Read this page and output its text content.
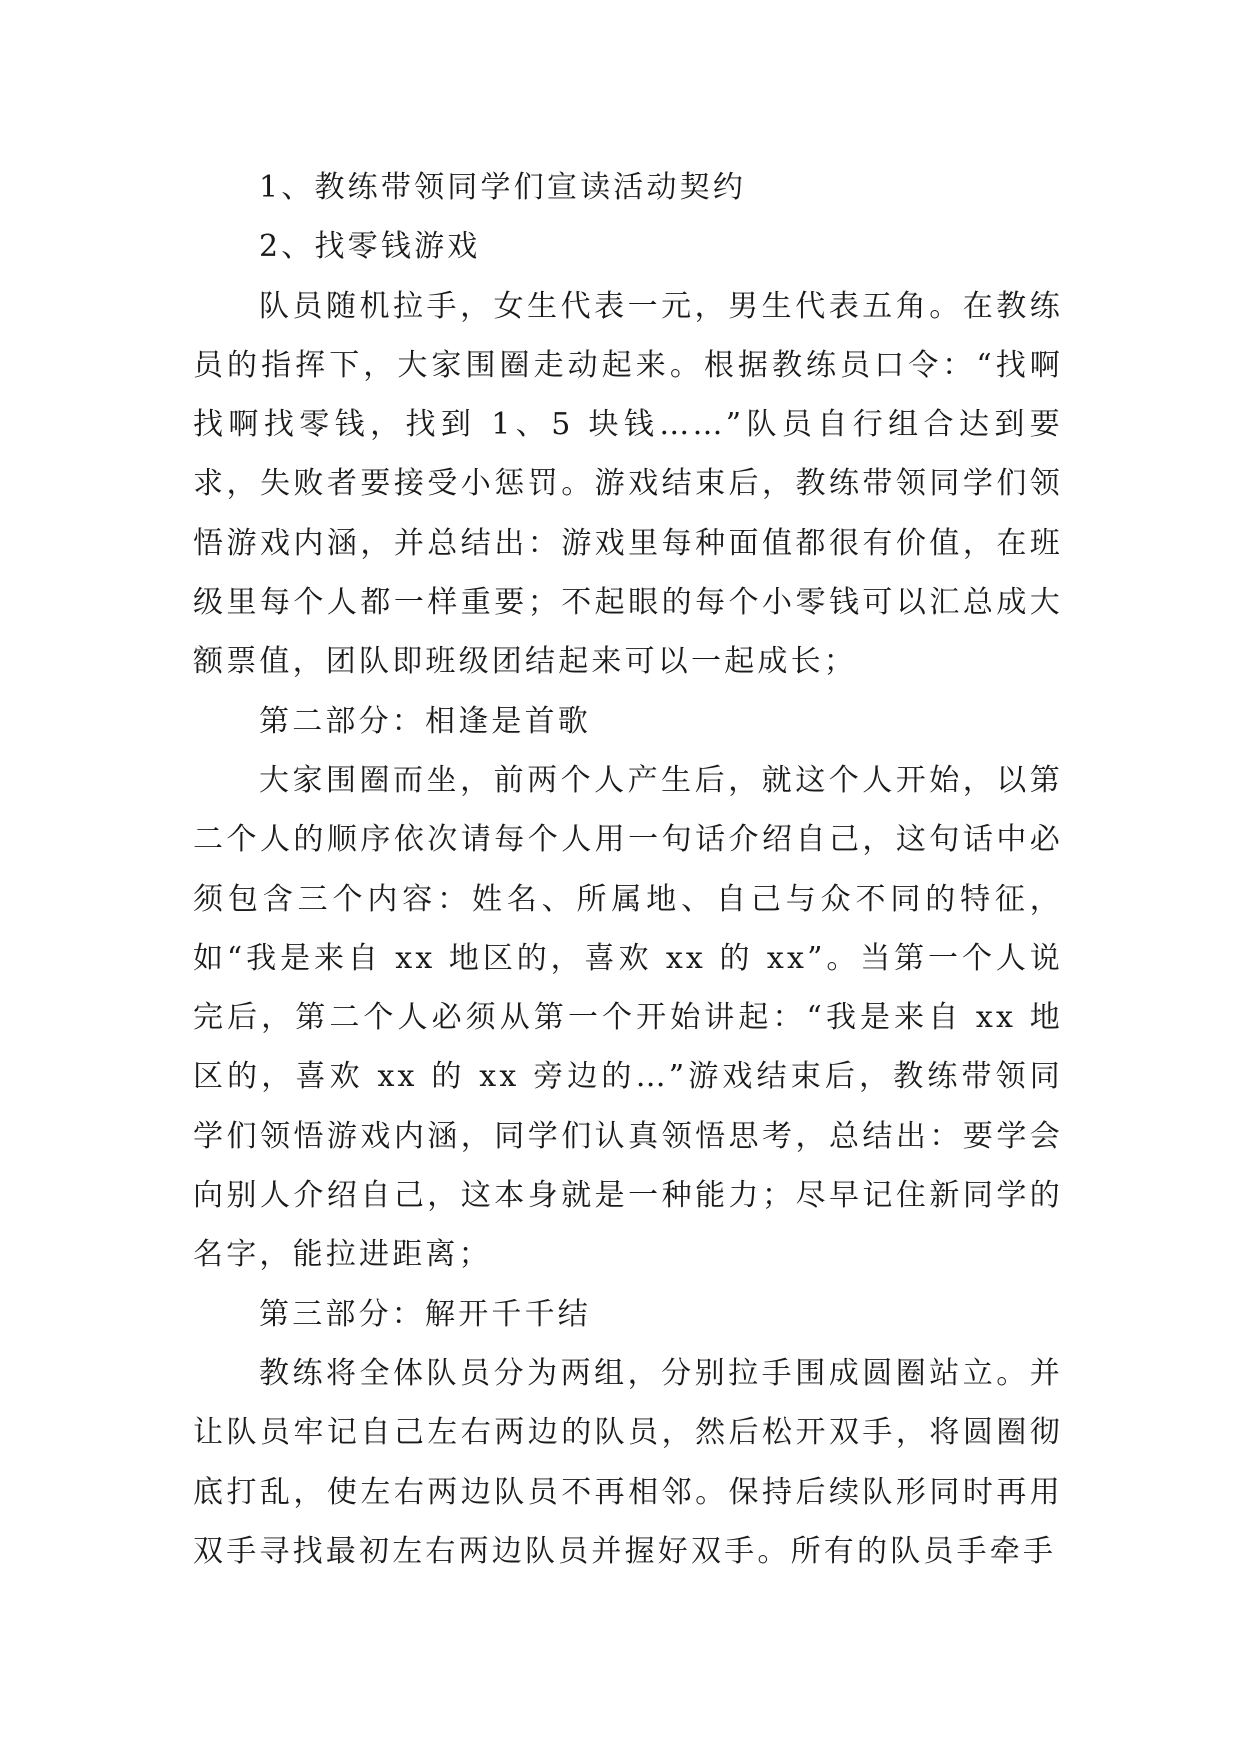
1、教练带领同学们宣读活动契约

2、找零钱游戏

队员随机拉手，女生代表一元，男生代表五角。在教练员的指挥下，大家围圈走动起来。根据教练员口令：“找啊找啊找零钱，找到 1、5 块钱……”队员自行组合达到要求，失败者要接受小惩罚。游戏结束后，教练带领同学们领悟游戏内涵，并总结出：游戏里每种面值都很有价值，在班级里每个人都一样重要；不起眼的每个小零钱可以汇总成大额票值，团队即班级团结起来可以一起成长；

第二部分：相逢是首歌

大家围圈而坐，前两个人产生后，就这个人开始，以第二个人的顺序依次请每个人用一句话介绍自己，这句话中必须包含三个内容：姓名、所属地、自己与众不同的特征，如“我是来自 xx 地区的，喜欢 xx 的 xx”。当第一个人说完后，第二个人必须从第一个开始讲起：“我是来自 xx 地区的，喜欢 xx 的 xx 旁边的…”游戏结束后，教练带领同学们领悟游戏内涵，同学们认真领悟思考，总结出：要学会向别人介绍自己，这本身就是一种能力；尽早记住新同学的名字，能拉进距离；

第三部分：解开千千结

教练将全体队员分为两组，分别拉手围成圆圈站立。并让队员牢记自己左右两边的队员，然后松开双手，将圆圈彻底打乱，使左右两边队员不再相邻。保持后续队形同时再用双手寻找最初左右两边队员并握好双手。所有的队员手牵手
